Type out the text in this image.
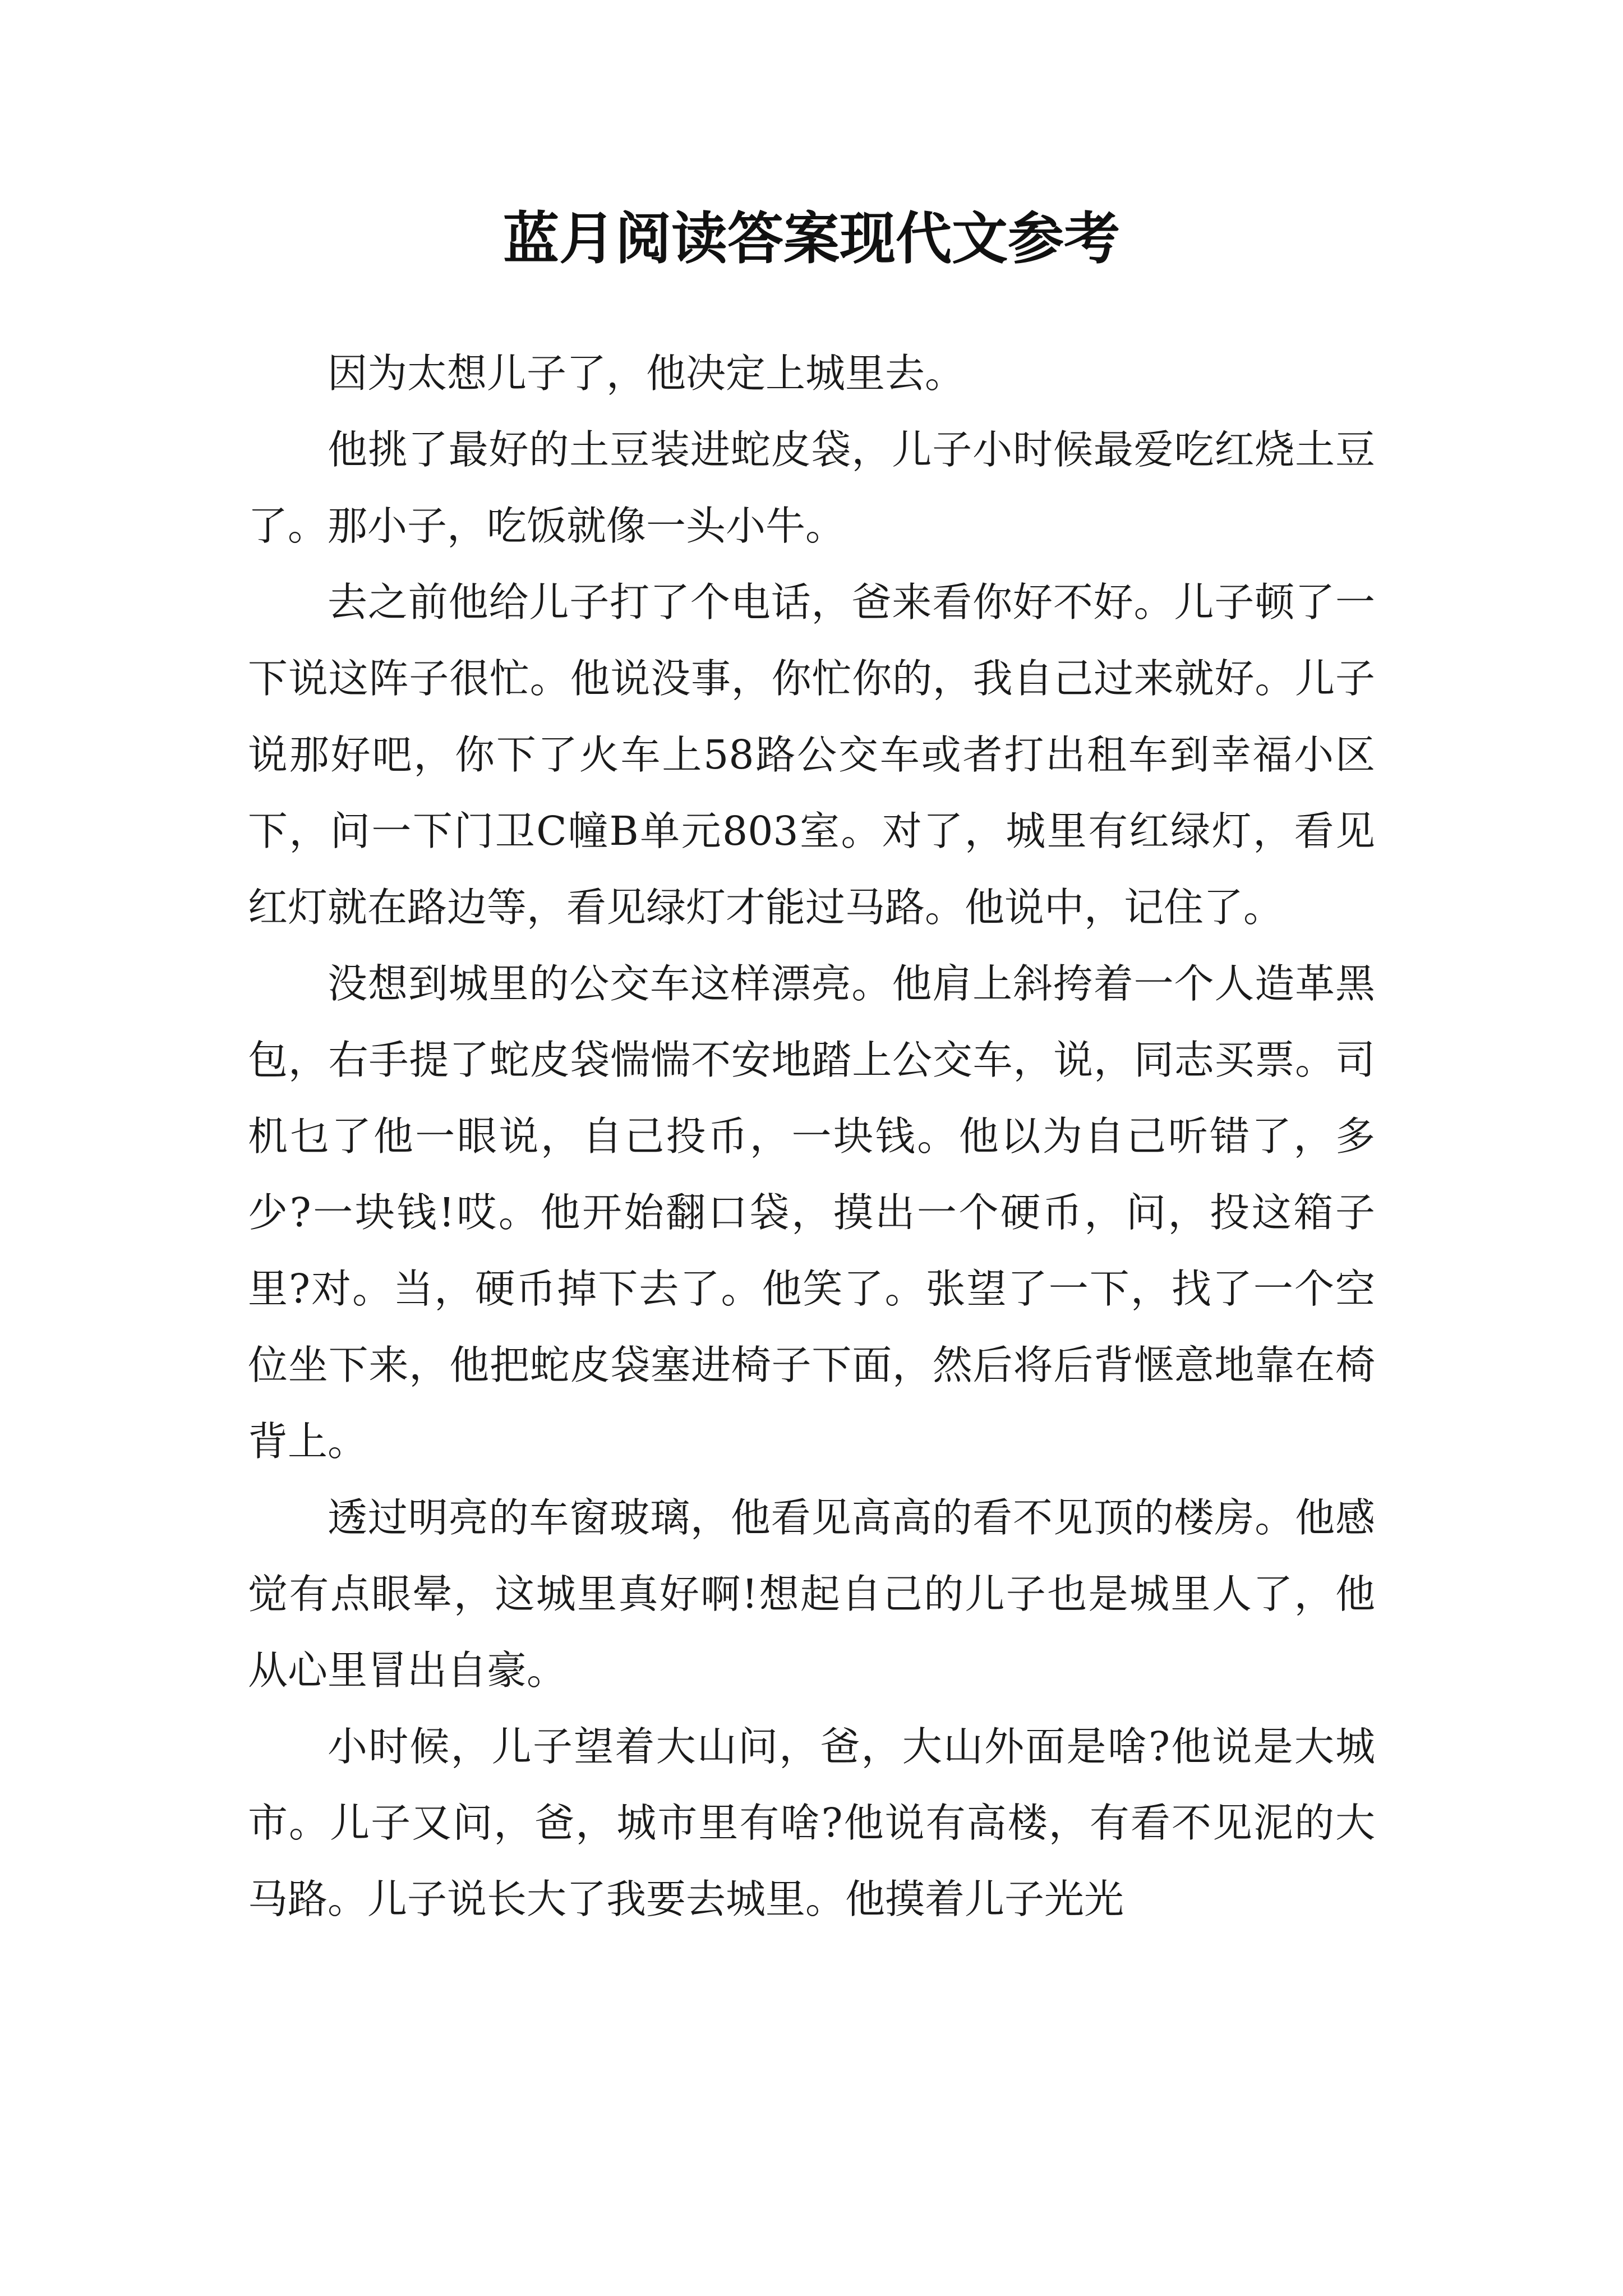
蓝月阅读答案现代文参考

因为太想儿子了，他决定上城里去。

他挑了最好的土豆装进蛇皮袋，儿子小时候最爱吃红烧土豆了。那小子，吃饭就像一头小牛。

去之前他给儿子打了个电话，爸来看你好不好。儿子顿了一下说这阵子很忙。他说没事，你忙你的，我自己过来就好。儿子说那好吧，你下了火车上58路公交车或者打出租车到幸福小区下，问一下门卫C幢B单元803室。对了，城里有红绿灯，看见红灯就在路边等，看见绿灯才能过马路。他说中，记住了。

没想到城里的公交车这样漂亮。他肩上斜挎着一个人造革黑包，右手提了蛇皮袋惴惴不安地踏上公交车，说，同志买票。司机乜了他一眼说，自己投币，一块钱。他以为自己听错了，多少?一块钱!哎。他开始翻口袋，摸出一个硬币，问，投这箱子里?对。当，硬币掉下去了。他笑了。张望了一下，找了一个空位坐下来，他把蛇皮袋塞进椅子下面，然后将后背惬意地靠在椅背上。

透过明亮的车窗玻璃，他看见高高的看不见顶的楼房。他感觉有点眼晕，这城里真好啊!想起自己的儿子也是城里人了，他从心里冒出自豪。

小时候，儿子望着大山问，爸，大山外面是啥?他说是大城市。儿子又问，爸，城市里有啥?他说有高楼，有看不见泥的大马路。儿子说长大了我要去城里。他摸着儿子光光
